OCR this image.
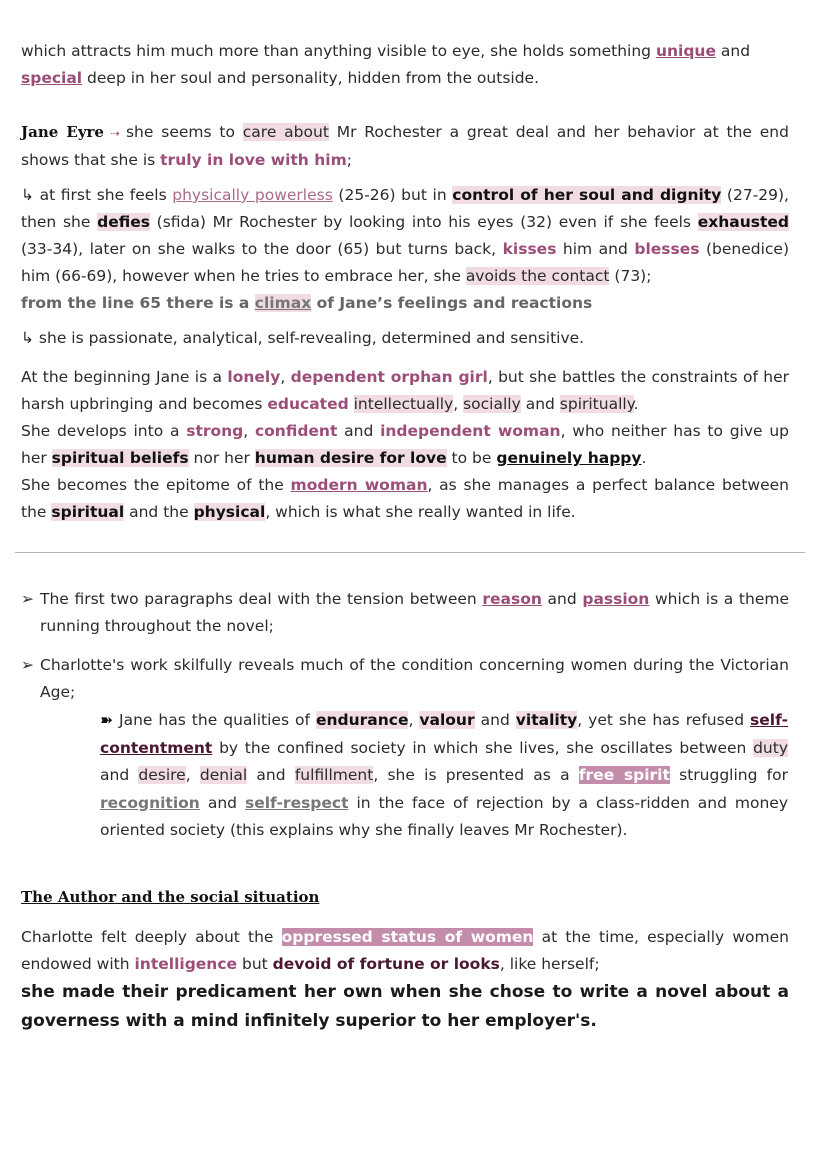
which attracts him much more than anything visible to eye, she holds something unique and
special deep in her soul and personality, hidden from the outside.

Jane Eyre ⇢ she seems to care about Mr Rochester a great deal and her behavior at the end shows that she is truly in love with him;

↳ at first she feels physically powerless (25-26) but in control of her soul and dignity (27-29), then she defies (sfida) Mr Rochester by looking into his eyes (32) even if she feels exhausted (33-34), later on she walks to the door (65) but turns back, kisses him and blesses (benedice) him (66-69), however when he tries to embrace her, she avoids the contact (73);
from the line 65 there is a climax of Jane’s feelings and reactions

↳ she is passionate, analytical, self-revealing, determined and sensitive.

At the beginning Jane is a lonely, dependent orphan girl, but she battles the constraints of her harsh upbringing and becomes educated intellectually, socially and spiritually.
She develops into a strong, confident and independent woman, who neither has to give up her spiritual beliefs nor her human desire for love to be genuinely happy.
She becomes the epitome of the modern woman, as she manages a perfect balance between the spiritual and the physical, which is what she really wanted in life.

➢ The first two paragraphs deal with the tension between reason and passion which is a theme running throughout the novel;
➢ Charlotte's work skilfully reveals much of the condition concerning women during the Victorian Age;
➽ Jane has the qualities of endurance, valour and vitality, yet she has refused self-contentment by the confined society in which she lives, she oscillates between duty and desire, denial and fulfillment, she is presented as a free spirit struggling for recognition and self-respect in the face of rejection by a class-ridden and money oriented society (this explains why she finally leaves Mr Rochester).
The Author and the social situation

Charlotte felt deeply about the oppressed status of women at the time, especially women endowed with intelligence but devoid of fortune or looks, like herself;

she made their predicament her own when she chose to write a novel about a governess with a mind infinitely superior to her employer's.
